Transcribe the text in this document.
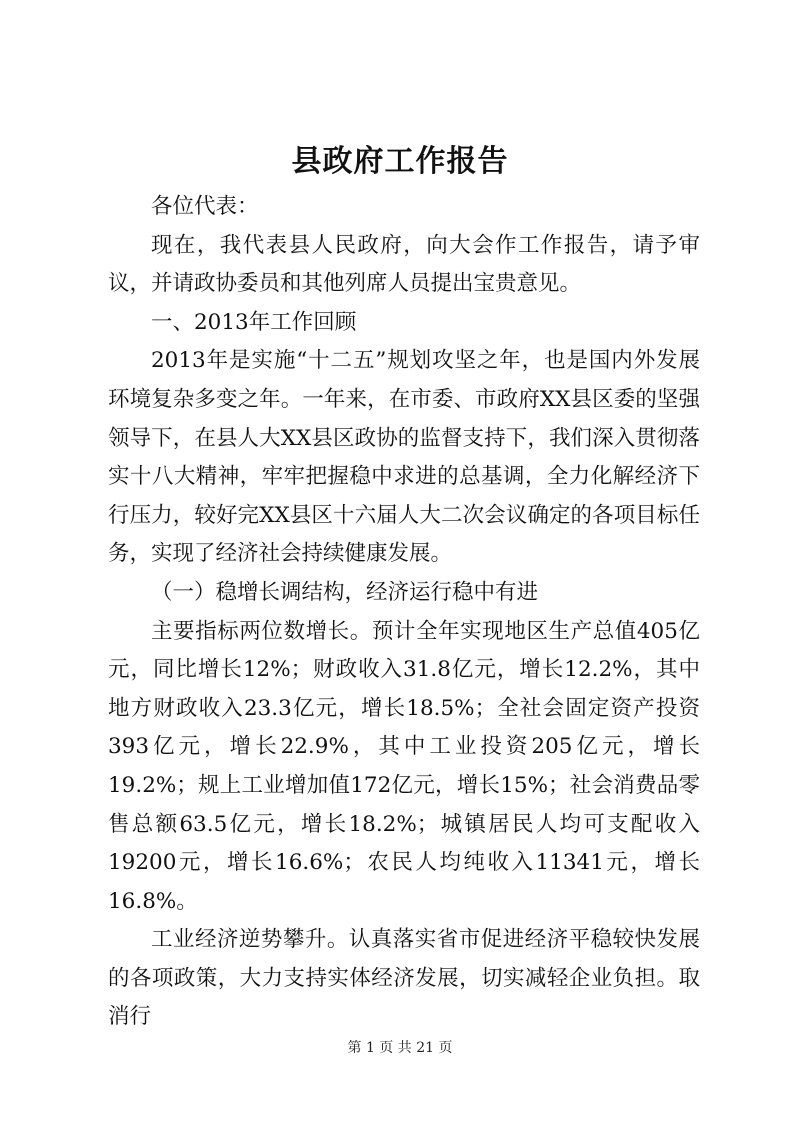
县政府工作报告

各位代表：

现在，我代表县人民政府，向大会作工作报告，请予审议，并请政协委员和其他列席人员提出宝贵意见。

一、2013年工作回顾

2013年是实施“十二五”规划攻坚之年，也是国内外发展环境复杂多变之年。一年来，在市委、市政府XX县区委的坚强领导下，在县人大XX县区政协的监督支持下，我们深入贯彻落实十八大精神，牢牢把握稳中求进的总基调，全力化解经济下行压力，较好完XX县区十六届人大二次会议确定的各项目标任务，实现了经济社会持续健康发展。

（一）稳增长调结构，经济运行稳中有进

主要指标两位数增长。预计全年实现地区生产总值405亿元，同比增长12%；财政收入31.8亿元，增长12.2%，其中地方财政收入23.3亿元，增长18.5%；全社会固定资产投资393亿元，增长22.9%，其中工业投资205亿元，增长19.2%；规上工业增加值172亿元，增长15%；社会消费品零售总额63.5亿元，增长18.2%；城镇居民人均可支配收入19200元，增长16.6%；农民人均纯收入11341元，增长16.8%。

工业经济逆势攀升。认真落实省市促进经济平稳较快发展的各项政策，大力支持实体经济发展，切实减轻企业负担。取消行

第 1 页 共 21 页
